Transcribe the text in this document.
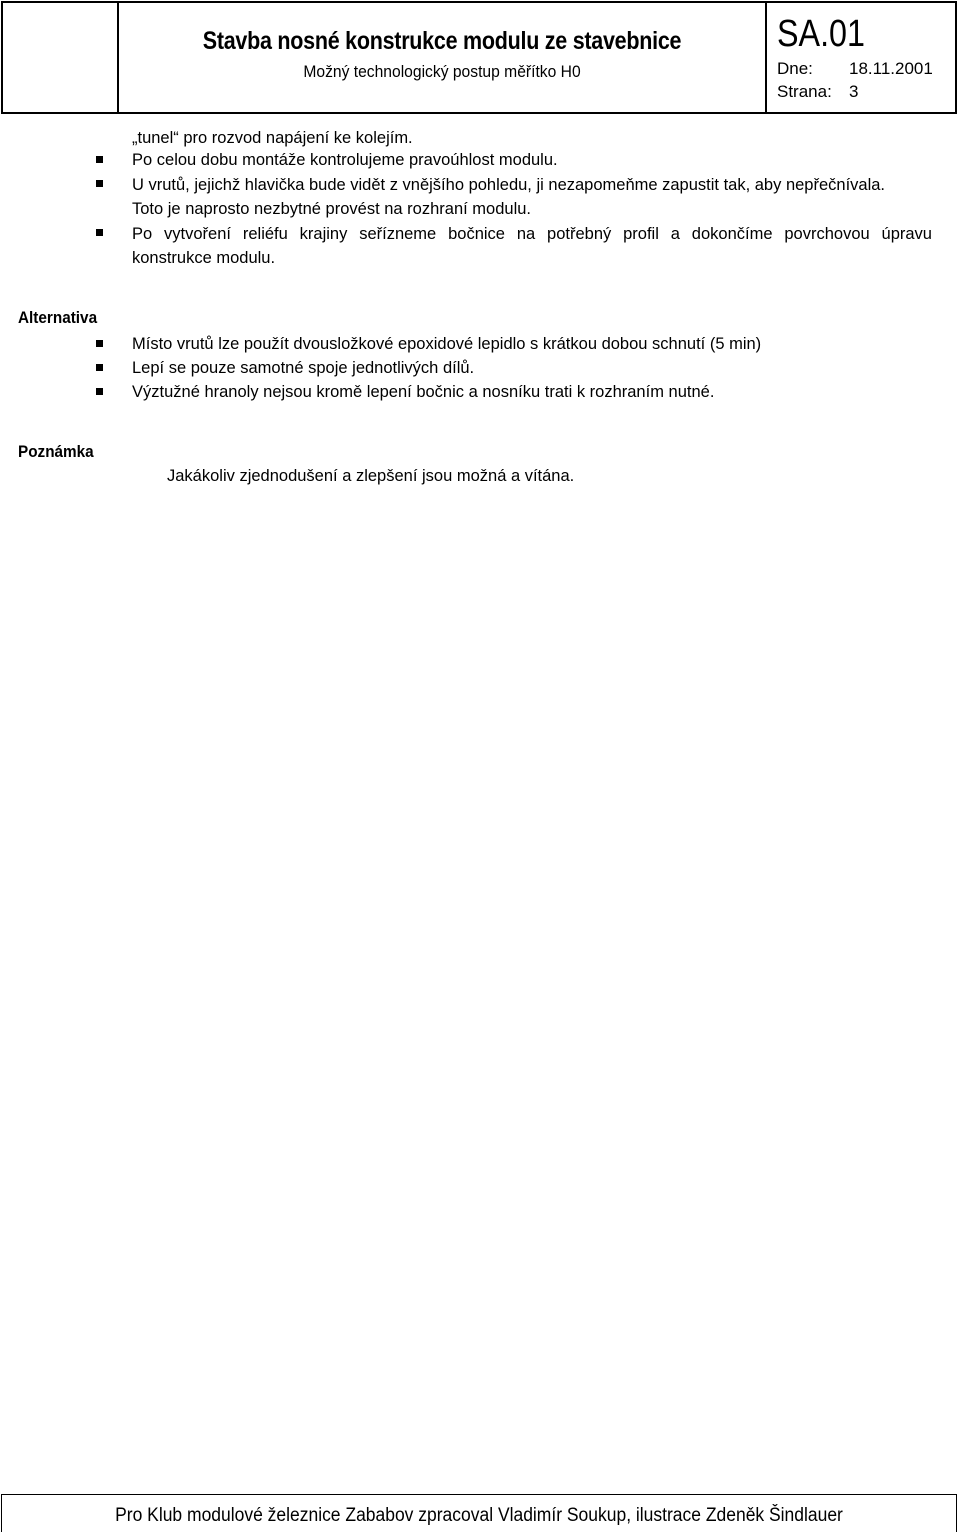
Stavba nosné konstrukce modulu ze stavebnice
Možný technologický postup měřítko H0
SA.01
Dne: 18.11.2001
Strana: 3
„tunel“ pro rozvod napájení ke kolejím.
Po celou dobu montáže kontrolujeme pravoúhlost modulu.
U vrutů, jejichž hlavička bude vidět z vnějšího pohledu, ji nezapomeňme zapustit tak, aby nepřečnívala.
Toto je naprosto nezbytné provést na rozhraní modulu.
Po vytvoření reliéfu krajiny seřízneme bočnice na potřebný profil a dokončíme povrchovou úpravu
konstrukce modulu.
Alternativa
Místo vrutů lze použít dvousložkové epoxidové lepidlo s krátkou dobou schnutí (5 min)
Lepí se pouze samotné spoje jednotlivých dílů.
Výztužné hranoly nejsou kromě lepení bočnic a nosníku trati k rozhraním nutné.
Poznámka
Jakákoliv zjednodušení a zlepšení jsou možná a vítána.
Pro Klub modulové železnice Zababov zpracoval Vladimír Soukup, ilustrace Zdeněk Šindlauer
